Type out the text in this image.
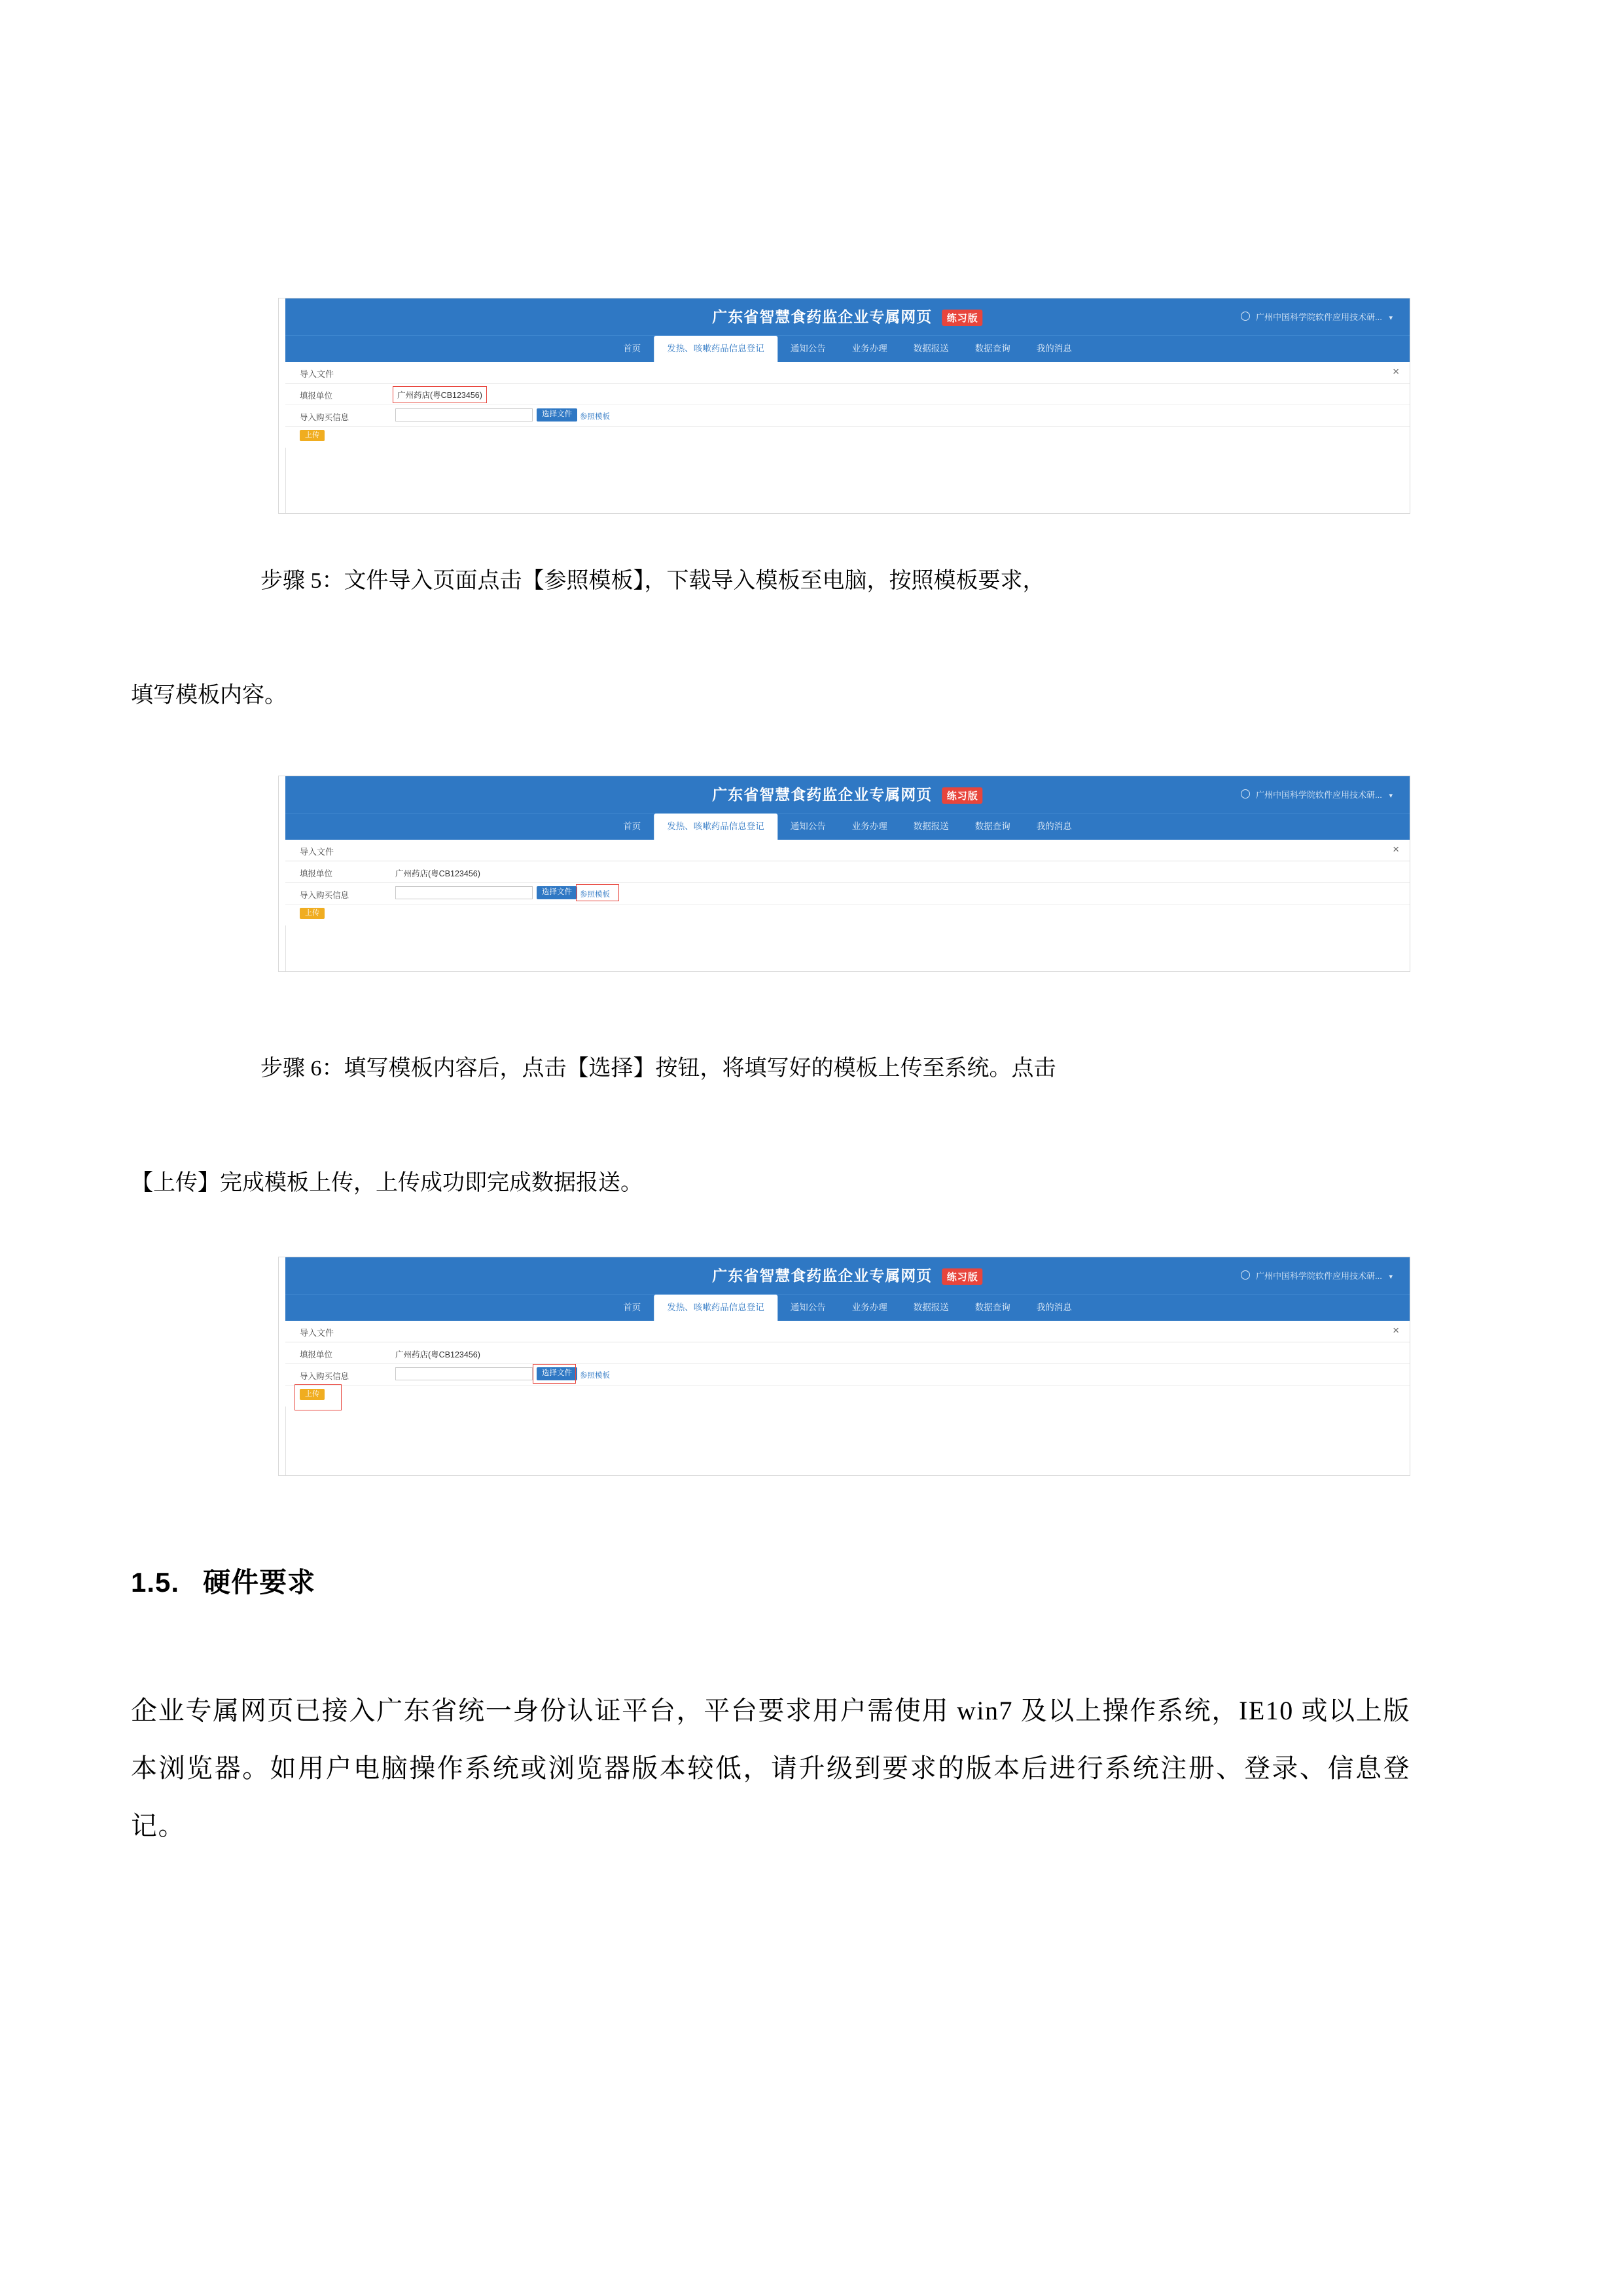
广东省智慧食药监企业专属网页 练习版	广州中国科学院软件应用技术研... ▾
首页	发热、咳嗽药品信息登记	通知公告	业务办理	数据报送	数据查询	我的消息
导入文件	×
填报单位	广州药店(粤CB123456)
导入购买信息	选择文件	参照模板
上传
步骤 5：文件导入页面点击【参照模板】，下载导入模板至电脑，按照模板要求，
填写模板内容。
广东省智慧食药监企业专属网页 练习版	广州中国科学院软件应用技术研... ▾
首页	发热、咳嗽药品信息登记	通知公告	业务办理	数据报送	数据查询	我的消息
导入文件	×
填报单位	广州药店(粤CB123456)
导入购买信息	选择文件	参照模板
上传
步骤 6：填写模板内容后，点击【选择】按钮，将填写好的模板上传至系统。点击
【上传】完成模板上传，上传成功即完成数据报送。
广东省智慧食药监企业专属网页 练习版	广州中国科学院软件应用技术研... ▾
首页	发热、咳嗽药品信息登记	通知公告	业务办理	数据报送	数据查询	我的消息
导入文件	×
填报单位	广州药店(粤CB123456)
导入购买信息	选择文件	参照模板
上传
1.5. 硬件要求
企业专属网页已接入广东省统一身份认证平台，平台要求用户需使用 win7 及以上操作系统，IE10 或以上版本浏览器。如用户电脑操作系统或浏览器版本较低，请升级到要求的版本后进行系统注册、登录、信息登记。
